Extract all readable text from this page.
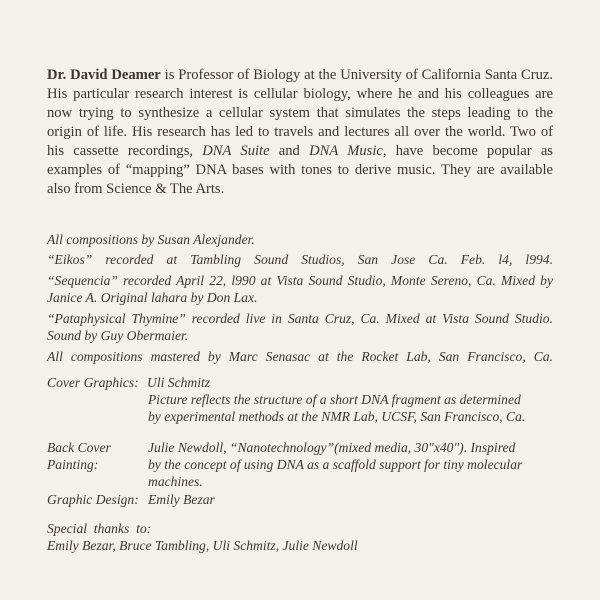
Dr. David Deamer is Professor of Biology at the University of California Santa Cruz.
His particular research interest is cellular biology, where he and his colleagues are
now trying to synthesize a cellular system that simulates the steps leading to the
origin of life. His research has led to travels and lectures all over the world. Two of
his cassette recordings, DNA Suite and DNA Music, have become popular as
examples of “mapping” DNA bases with tones to derive music. They are available
also from Science & The Arts.
All compositions by Susan Alexjander.
“Eikos” recorded at Tambling Sound Studios, San Jose Ca. Feb. l4, l994.
“Sequencia” recorded April 22, l990 at Vista Sound Studio, Monte Sereno, Ca. Mixed by
Janice A. Original lahara by Don Lax.
“Pataphysical Thymine” recorded live in Santa Cruz, Ca. Mixed at Vista Sound Studio.
Sound by Guy Obermaier.
All compositions mastered by Marc Senasac at the Rocket Lab, San Francisco, Ca.
Cover Graphics: Uli Schmitz
Picture reflects the structure of a short DNA fragment as determined
by experimental methods at the NMR Lab, UCSF, San Francisco, Ca.
Back Cover
Painting:
Julie Newdoll, “Nanotechnology”(mixed media, 30"x40"). Inspired
by the concept of using DNA as a scaffold support for tiny molecular
machines.
Graphic Design: Emily Bezar
Special  thanks  to:
Emily Bezar, Bruce Tambling, Uli Schmitz, Julie Newdoll
